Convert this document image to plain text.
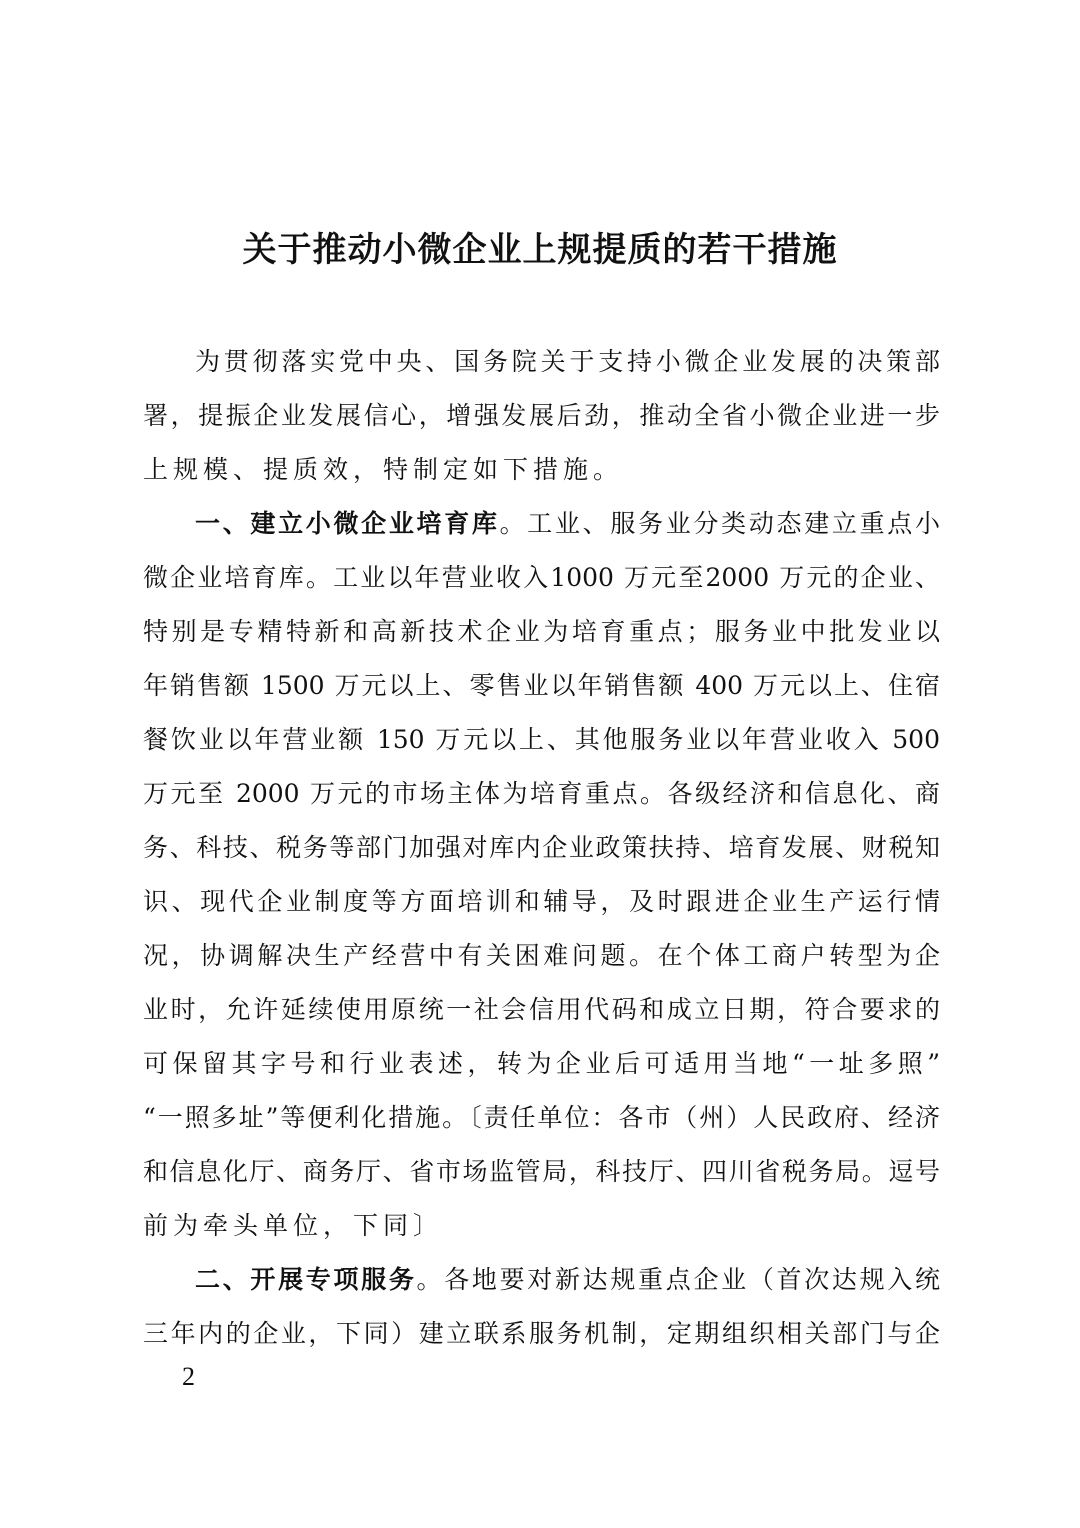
关于推动小微企业上规提质的若干措施
为贯彻落实党中央、国务院关于支持小微企业发展的决策部
署，提振企业发展信心，增强发展后劲，推动全省小微企业进一步
上规模、提质效，特制定如下措施。
一、建立小微企业培育库。工业、服务业分类动态建立重点小
微企业培育库。工业以年营业收入1000 万元至2000 万元的企业、
特别是专精特新和高新技术企业为培育重点；服务业中批发业以
年销售额 1500 万元以上、零售业以年销售额 400 万元以上、住宿
餐饮业以年营业额 150 万元以上、其他服务业以年营业收入 500
万元至 2000 万元的市场主体为培育重点。各级经济和信息化、商
务、科技、税务等部门加强对库内企业政策扶持、培育发展、财税知
识、现代企业制度等方面培训和辅导，及时跟进企业生产运行情
况，协调解决生产经营中有关困难问题。在个体工商户转型为企
业时，允许延续使用原统一社会信用代码和成立日期，符合要求的
可保留其字号和行业表述，转为企业后可适用当地“一址多照”
“一照多址”等便利化措施。〔责任单位：各市（州）人民政府、经济
和信息化厅、商务厅、省市场监管局，科技厅、四川省税务局。逗号
前为牵头单位，下同〕
二、开展专项服务。各地要对新达规重点企业（首次达规入统
三年内的企业，下同）建立联系服务机制，定期组织相关部门与企
2
